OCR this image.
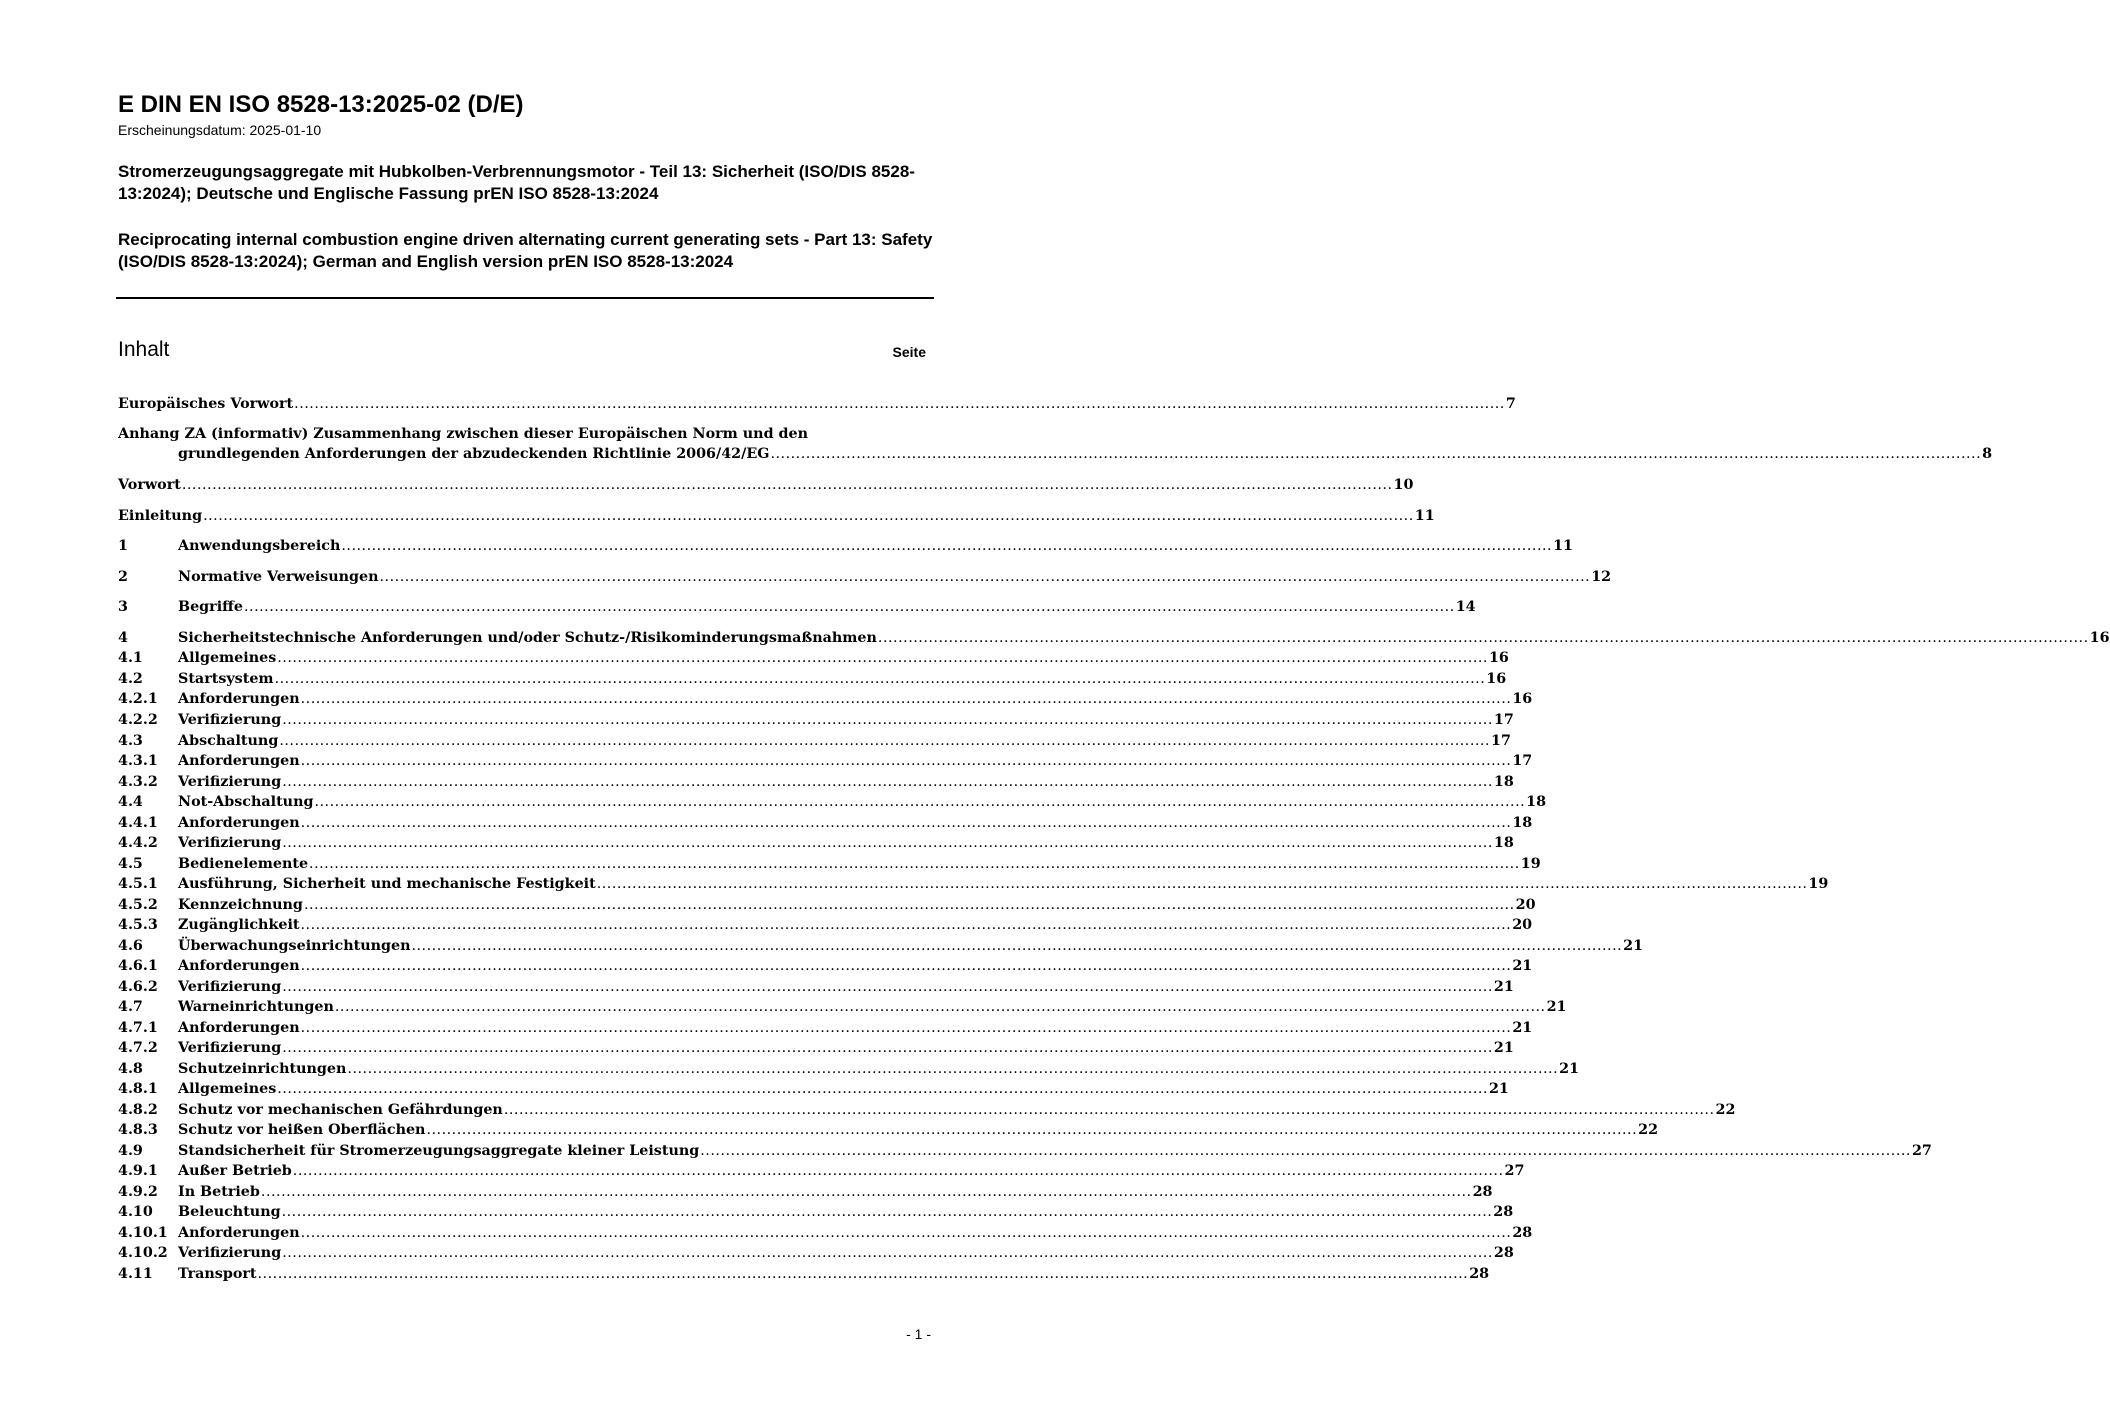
E DIN EN ISO 8528-13:2025-02 (D/E)
Erscheinungsdatum: 2025-01-10
Stromerzeugungsaggregate mit Hubkolben-Verbrennungsmotor - Teil 13: Sicherheit (ISO/DIS 8528-13:2024); Deutsche und Englische Fassung prEN ISO 8528-13:2024
Reciprocating internal combustion engine driven alternating current generating sets - Part 13: Safety (ISO/DIS 8528-13:2024); German and English version prEN ISO 8528-13:2024
Inhalt	Seite
Europäisches Vorwort .....	7
Anhang ZA (informativ) Zusammenhang zwischen dieser Europäischen Norm und den
grundlegenden Anforderungen der abzudeckenden Richtlinie 2006/42/EG .....	8
Vorwort .....	10
Einleitung .....	11
1	Anwendungsbereich .....	11
2	Normative Verweisungen .....	12
3	Begriffe .....	14
4	Sicherheitstechnische Anforderungen und/oder Schutz-/Risikominderungsmaßnahmen .....	16
4.1	Allgemeines .....	16
4.2	Startsystem .....	16
4.2.1	Anforderungen .....	16
4.2.2	Verifizierung .....	17
4.3	Abschaltung .....	17
4.3.1	Anforderungen .....	17
4.3.2	Verifizierung .....	18
4.4	Not-Abschaltung .....	18
4.4.1	Anforderungen .....	18
4.4.2	Verifizierung .....	18
4.5	Bedienelemente .....	19
4.5.1	Ausführung, Sicherheit und mechanische Festigkeit .....	19
4.5.2	Kennzeichnung .....	20
4.5.3	Zugänglichkeit .....	20
4.6	Überwachungseinrichtungen .....	21
4.6.1	Anforderungen .....	21
4.6.2	Verifizierung .....	21
4.7	Warneinrichtungen .....	21
4.7.1	Anforderungen .....	21
4.7.2	Verifizierung .....	21
4.8	Schutzeinrichtungen .....	21
4.8.1	Allgemeines .....	21
4.8.2	Schutz vor mechanischen Gefährdungen .....	22
4.8.3	Schutz vor heißen Oberflächen .....	22
4.9	Standsicherheit für Stromerzeugungsaggregate kleiner Leistung .....	27
4.9.1	Außer Betrieb .....	27
4.9.2	In Betrieb .....	28
4.10	Beleuchtung .....	28
4.10.1 Anforderungen .....	28
4.10.2 Verifizierung .....	28
4.11	Transport .....	28
- 1 -
